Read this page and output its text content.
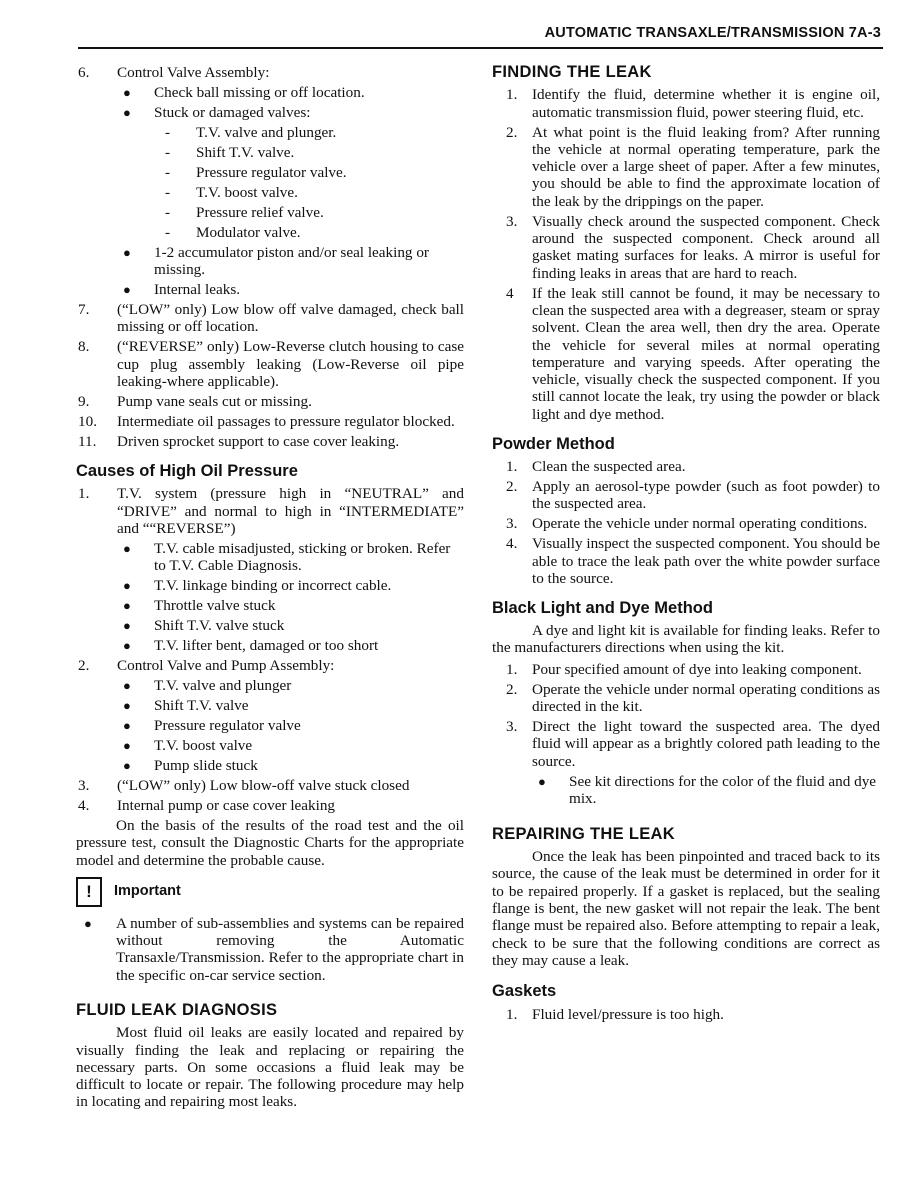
AUTOMATIC TRANSAXLE/TRANSMISSION 7A-3
6.	Control Valve Assembly:
●	Check ball missing or off location.
●	Stuck or damaged valves:
-	T.V. valve and plunger.
-	Shift T.V. valve.
-	Pressure regulator valve.
-	T.V. boost valve.
-	Pressure relief valve.
-	Modulator valve.
●	1-2 accumulator piston and/or seal leaking or missing.
●	Internal leaks.
7.	(“LOW” only) Low blow off valve damaged, check ball missing or off location.
8.	(“REVERSE” only) Low-Reverse clutch housing to case cup plug assembly leaking (Low-Reverse oil pipe leaking-where applicable).
9.	Pump vane seals cut or missing.
10.	Intermediate oil passages to pressure regulator blocked.
11.	Driven sprocket support to case cover leaking.
Causes of High Oil Pressure
1.	T.V. system (pressure high in “NEUTRAL” and “DRIVE” and normal to high in “INTERMEDIATE” and ““REVERSE”)
●	T.V. cable misadjusted, sticking or broken. Refer to T.V. Cable Diagnosis.
●	T.V. linkage binding or incorrect cable.
●	Throttle valve stuck
●	Shift T.V. valve stuck
●	T.V. lifter bent, damaged or too short
2.	Control Valve and Pump Assembly:
●	T.V. valve and plunger
●	Shift T.V. valve
●	Pressure regulator valve
●	T.V. boost valve
●	Pump slide stuck
3.	(“LOW” only) Low blow-off valve stuck closed
4.	Internal pump or case cover leaking

On the basis of the results of the road test and the oil pressure test, consult the Diagnostic Charts for the appropriate model and determine the probable cause.

!	Important
●	A number of sub-assemblies and systems can be repaired without removing the Automatic Transaxle/Transmission. Refer to the appropriate chart in the specific on-car service section.
FLUID LEAK DIAGNOSIS

Most fluid oil leaks are easily located and repaired by visually finding the leak and replacing or repairing the necessary parts. On some occasions a fluid leak may be difficult to locate or repair. The following procedure may help in locating and repairing most leaks.

FINDING THE LEAK
1. Identify the fluid, determine whether it is engine oil, automatic transmission fluid, power steering fluid, etc.
2. At what point is the fluid leaking from? After running the vehicle at normal operating temperature, park the vehicle over a large sheet of paper. After a few minutes, you should be able to find the approximate location of the leak by the drippings on the paper.
3. Visually check around the suspected component. Check around the suspected component. Check around all gasket mating surfaces for leaks. A mirror is useful for finding leaks in areas that are hard to reach.
4	If the leak still cannot be found, it may be necessary to clean the suspected area with a degreaser, steam or spray solvent. Clean the area well, then dry the area. Operate the vehicle for several miles at normal operating temperature and varying speeds. After operating the vehicle, visually check the suspected component. If you still cannot locate the leak, try using the powder or black light and dye method.
Powder Method
1. Clean the suspected area.
2. Apply an aerosol-type powder (such as foot powder) to the suspected area.
3. Operate the vehicle under normal operating conditions.
4. Visually inspect the suspected component. You should be able to trace the leak path over the white powder surface to the source.
Black Light and Dye Method

A dye and light kit is available for finding leaks. Refer to the manufacturers directions when using the kit.

1. Pour specified amount of dye into leaking component.
2. Operate the vehicle under normal operating conditions as directed in the kit.
3. Direct the light toward the suspected area. The dyed fluid will appear as a brightly colored path leading to the source.
●	See kit directions for the color of the fluid and dye mix.
REPAIRING THE LEAK

Once the leak has been pinpointed and traced back to its source, the cause of the leak must be determined in order for it to be repaired properly. If a gasket is replaced, but the sealing flange is bent, the new gasket will not repair the leak. The bent flange must be repaired also. Before attempting to repair a leak, check to be sure that the following conditions are correct as they may cause a leak.

Gaskets
1. Fluid level/pressure is too high.
